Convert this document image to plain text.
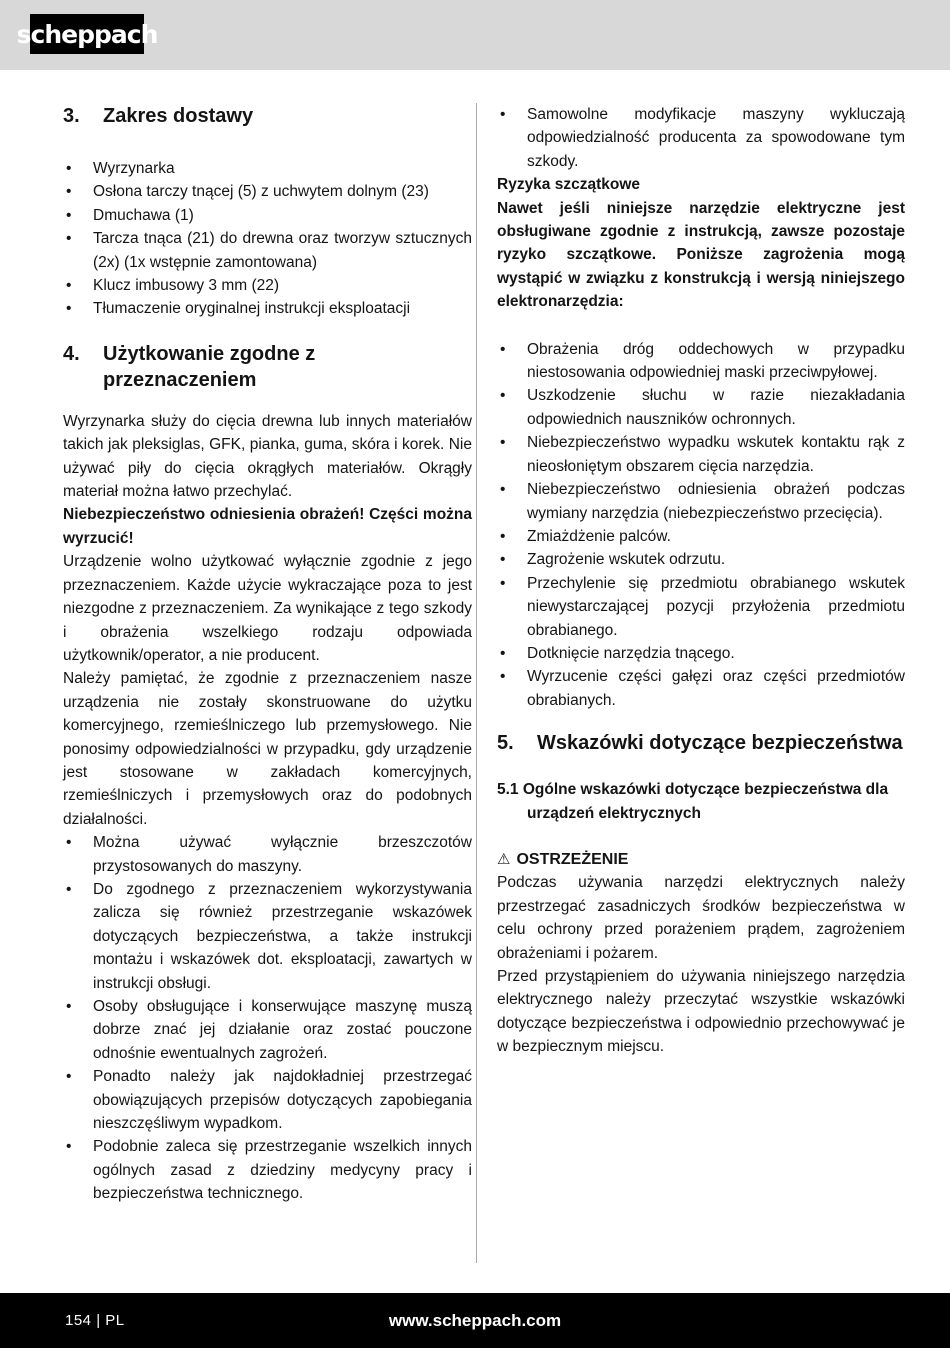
scheppach
3.	Zakres dostawy
•	Wyrzynarka
•	Osłona tarczy tnącej (5) z uchwytem dolnym (23)
•	Dmuchawa (1)
•	Tarcza tnąca (21) do drewna oraz tworzyw sztucznych (2x) (1x wstępnie zamontowana)
•	Klucz imbusowy 3 mm (22)
•	Tłumaczenie oryginalnej instrukcji eksploatacji
4.	Użytkowanie zgodne z przeznaczeniem

Wyrzynarka służy do cięcia drewna lub innych materiałów takich jak pleksiglas, GFK, pianka, guma, skóra i korek. Nie używać piły do cięcia okrągłych materiałów. Okrągły materiał można łatwo przechylać.

Niebezpieczeństwo odniesienia obrażeń! Części można wyrzucić!

Urządzenie wolno użytkować wyłącznie zgodnie z jego przeznaczeniem. Każde użycie wykraczające poza to jest niezgodne z przeznaczeniem. Za wynikające z tego szkody i obrażenia wszelkiego rodzaju odpowiada użytkownik/operator, a nie producent.

Należy pamiętać, że zgodnie z przeznaczeniem nasze urządzenia nie zostały skonstruowane do użytku komercyjnego, rzemieślniczego lub przemysłowego. Nie ponosimy odpowiedzialności w przypadku, gdy urządzenie jest stosowane w zakładach komercyjnych, rzemieślniczych i przemysłowych oraz do podobnych działalności.

•	Można używać wyłącznie brzeszczotów przystosowanych do maszyny.
•	Do zgodnego z przeznaczeniem wykorzystywania zalicza się również przestrzeganie wskazówek dotyczących bezpieczeństwa, a także instrukcji montażu i wskazówek dot. eksploatacji, zawartych w instrukcji obsługi.
•	Osoby obsługujące i konserwujące maszynę muszą dobrze znać jej działanie oraz zostać pouczone odnośnie ewentualnych zagrożeń.
•	Ponadto należy jak najdokładniej przestrzegać obowiązujących przepisów dotyczących zapobiegania nieszczęśliwym wypadkom.
•	Podobnie zaleca się przestrzeganie wszelkich innych ogólnych zasad z dziedziny medycyny pracy i bezpieczeństwa technicznego.
•	Samowolne modyfikacje maszyny wykluczają odpowiedzialność producenta za spowodowane tym szkody.

Ryzyka szczątkowe

Nawet jeśli niniejsze narzędzie elektryczne jest obsługiwane zgodnie z instrukcją, zawsze pozostaje ryzyko szczątkowe. Poniższe zagrożenia mogą wystąpić w związku z konstrukcją i wersją niniejszego elektronarzędzia:

•	Obrażenia dróg oddechowych w przypadku niestosowania odpowiedniej maski przeciwpyłowej.
•	Uszkodzenie słuchu w razie niezakładania odpowiednich nauszników ochronnych.
•	Niebezpieczeństwo wypadku wskutek kontaktu rąk z nieosłoniętym obszarem cięcia narzędzia.
•	Niebezpieczeństwo odniesienia obrażeń podczas wymiany narzędzia (niebezpieczeństwo przecięcia).
•	Zmiażdżenie palców.
•	Zagrożenie wskutek odrzutu.
•	Przechylenie się przedmiotu obrabianego wskutek niewystarczającej pozycji przyłożenia przedmiotu obrabianego.
•	Dotknięcie narzędzia tnącego.
•	Wyrzucenie części gałęzi oraz części przedmiotów obrabianych.
5.	Wskazówki dotyczące bezpieczeństwa

5.1 Ogólne wskazówki dotyczące bezpieczeństwa dla urządzeń elektrycznych

⚠ OSTRZEŻENIE

Podczas używania narzędzi elektrycznych należy przestrzegać zasadniczych środków bezpieczeństwa w celu ochrony przed porażeniem prądem, zagrożeniem obrażeniami i pożarem.

Przed przystąpieniem do używania niniejszego narzędzia elektrycznego należy przeczytać wszystkie wskazówki dotyczące bezpieczeństwa i odpowiednio przechowywać je w bezpiecznym miejscu.

154 | PL	www.scheppach.com
